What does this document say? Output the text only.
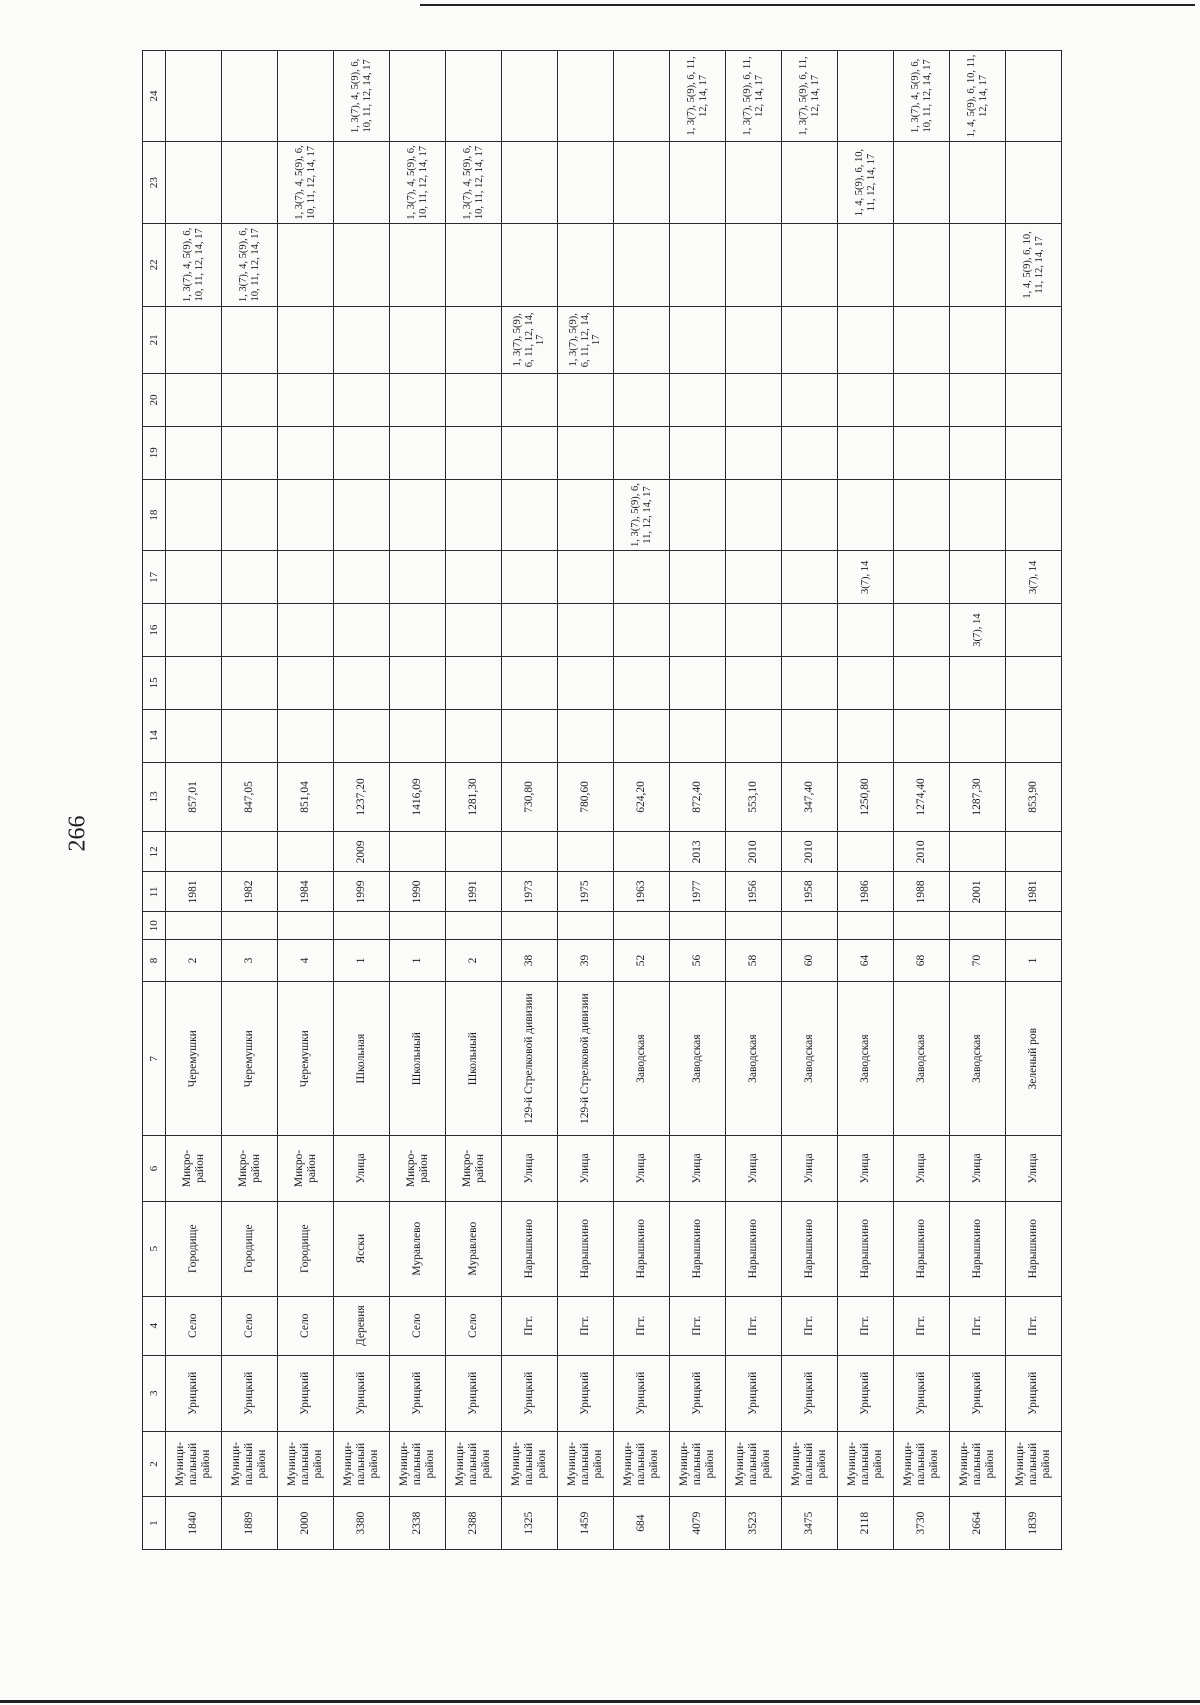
266
1	2	3	4	5	6	7	8	10	11	12	13	14	15	16	17	18	19	20	21	22	23	24
1840	Муници-пальный район	Урицкий	Село	Городище	Микро-район	Черемушки	2		1981		857,01									1, 3(7), 4, 5(9), 6, 10, 11, 12, 14, 17		
1889	Муници-пальный район	Урицкий	Село	Городище	Микро-район	Черемушки	3		1982		847,05									1, 3(7), 4, 5(9), 6, 10, 11, 12, 14, 17		
2000	Муници-пальный район	Урицкий	Село	Городище	Микро-район	Черемушки	4		1984		851,04										1, 3(7), 4, 5(9), 6, 10, 11, 12, 14, 17	
3380	Муници-пальный район	Урицкий	Деревня	Ясски	Улица	Школьная	1		1999	2009	1237,20											1, 3(7), 4, 5(9), 6, 10, 11, 12, 14, 17
2338	Муници-пальный район	Урицкий	Село	Муравлево	Микро-район	Школьный	1		1990		1416,09										1, 3(7), 4, 5(9), 6, 10, 11, 12, 14, 17	
2388	Муници-пальный район	Урицкий	Село	Муравлево	Микро-район	Школьный	2		1991		1281,30										1, 3(7), 4, 5(9), 6, 10, 11, 12, 14, 17	
1325	Муници-пальный район	Урицкий	Пгт.	Нарышкино	Улица	129-й Стрелковой дивизии	38		1973		730,80								1, 3(7), 5(9), 6, 11, 12, 14, 17			
1459	Муници-пальный район	Урицкий	Пгт.	Нарышкино	Улица	129-й Стрелковой дивизии	39		1975		780,60								1, 3(7), 5(9), 6, 11, 12, 14, 17			
684	Муници-пальный район	Урицкий	Пгт.	Нарышкино	Улица	Заводская	52		1963		624,20					1, 3(7), 5(9), 6, 11, 12, 14, 17						
4079	Муници-пальный район	Урицкий	Пгт.	Нарышкино	Улица	Заводская	56		1977	2013	872,40											1, 3(7), 5(9), 6, 11, 12, 14, 17
3523	Муници-пальный район	Урицкий	Пгт.	Нарышкино	Улица	Заводская	58		1956	2010	553,10											1, 3(7), 5(9), 6, 11, 12, 14, 17
3475	Муници-пальный район	Урицкий	Пгт.	Нарышкино	Улица	Заводская	60		1958	2010	347,40											1, 3(7), 5(9), 6, 11, 12, 14, 17
2118	Муници-пальный район	Урицкий	Пгт.	Нарышкино	Улица	Заводская	64		1986		1250,80				3(7), 14						1, 4, 5(9), 6, 10, 11, 12, 14, 17	
3730	Муници-пальный район	Урицкий	Пгт.	Нарышкино	Улица	Заводская	68		1988	2010	1274,40											1, 3(7), 4, 5(9), 6, 10, 11, 12, 14, 17
2664	Муници-пальный район	Урицкий	Пгт.	Нарышкино	Улица	Заводская	70		2001		1287,30			3(7), 14								1, 4, 5(9), 6, 10, 11, 12, 14, 17
1839	Муници-пальный район	Урицкий	Пгт.	Нарышкино	Улица	Зеленый ров	1		1981		853,90				3(7), 14					1, 4, 5(9), 6, 10, 11, 12, 14, 17		
